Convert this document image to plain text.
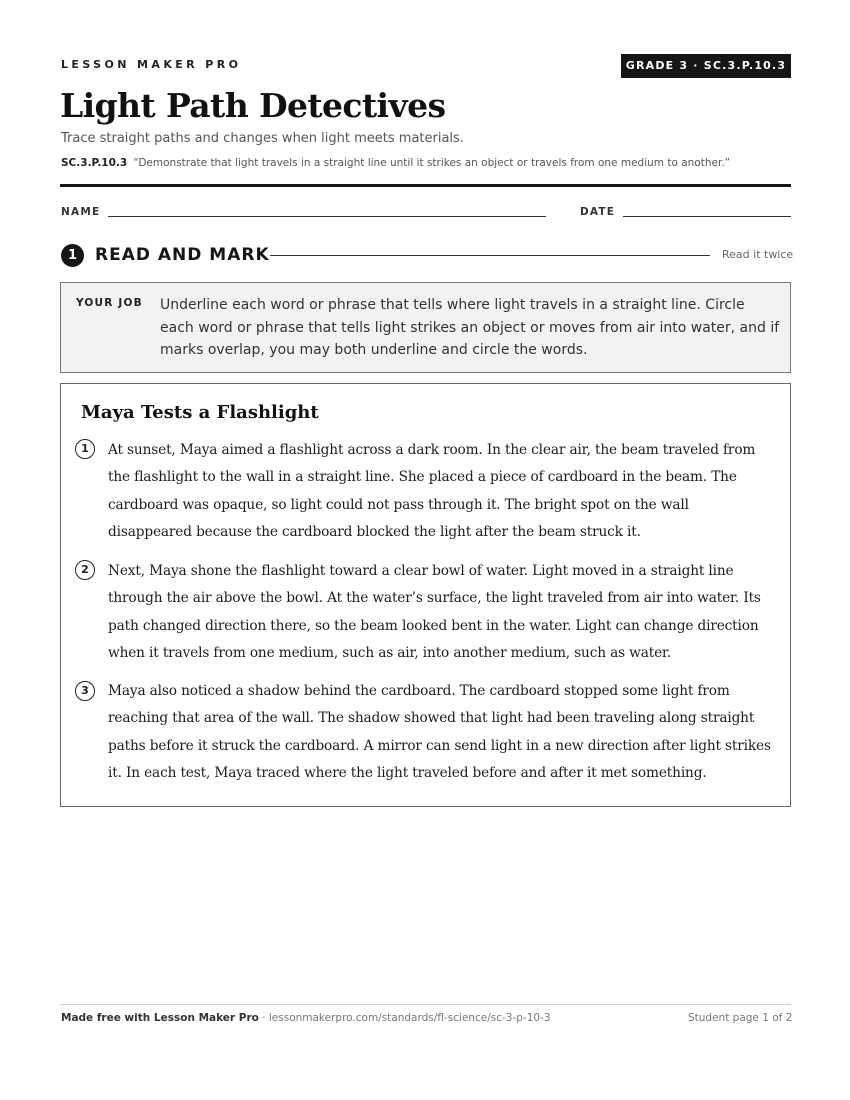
LESSON MAKER PRO	GRADE 3 · SC.3.P.10.3
Light Path Detectives
Trace straight paths and changes when light meets materials.
SC.3.P.10.3 “Demonstrate that light travels in a straight line until it strikes an object or travels from one medium to another.”
NAME	DATE
1	READ AND MARK	Read it twice
YOUR JOB Underline each word or phrase that tells where light travels in a straight line. Circle each word or phrase that tells light strikes an object or moves from air into water, and if marks overlap, you may both underline and circle the words.
Maya Tests a Flashlight
1	At sunset, Maya aimed a flashlight across a dark room. In the clear air, the beam traveled from the flashlight to the wall in a straight line. She placed a piece of cardboard in the beam. The cardboard was opaque, so light could not pass through it. The bright spot on the wall disappeared because the cardboard blocked the light after the beam struck it.

2	Next, Maya shone the flashlight toward a clear bowl of water. Light moved in a straight line through the air above the bowl. At the water’s surface, the light traveled from air into water. Its path changed direction there, so the beam looked bent in the water. Light can change direction when it travels from one medium, such as air, into another medium, such as water.

3	Maya also noticed a shadow behind the cardboard. The cardboard stopped some light from reaching that area of the wall. The shadow showed that light had been traveling along straight paths before it struck the cardboard. A mirror can send light in a new direction after light strikes it. In each test, Maya traced where the light traveled before and after it met something.

Made free with Lesson Maker Pro · lessonmakerpro.com/standards/fl-science/sc-3-p-10-3	Student page 1 of 2
